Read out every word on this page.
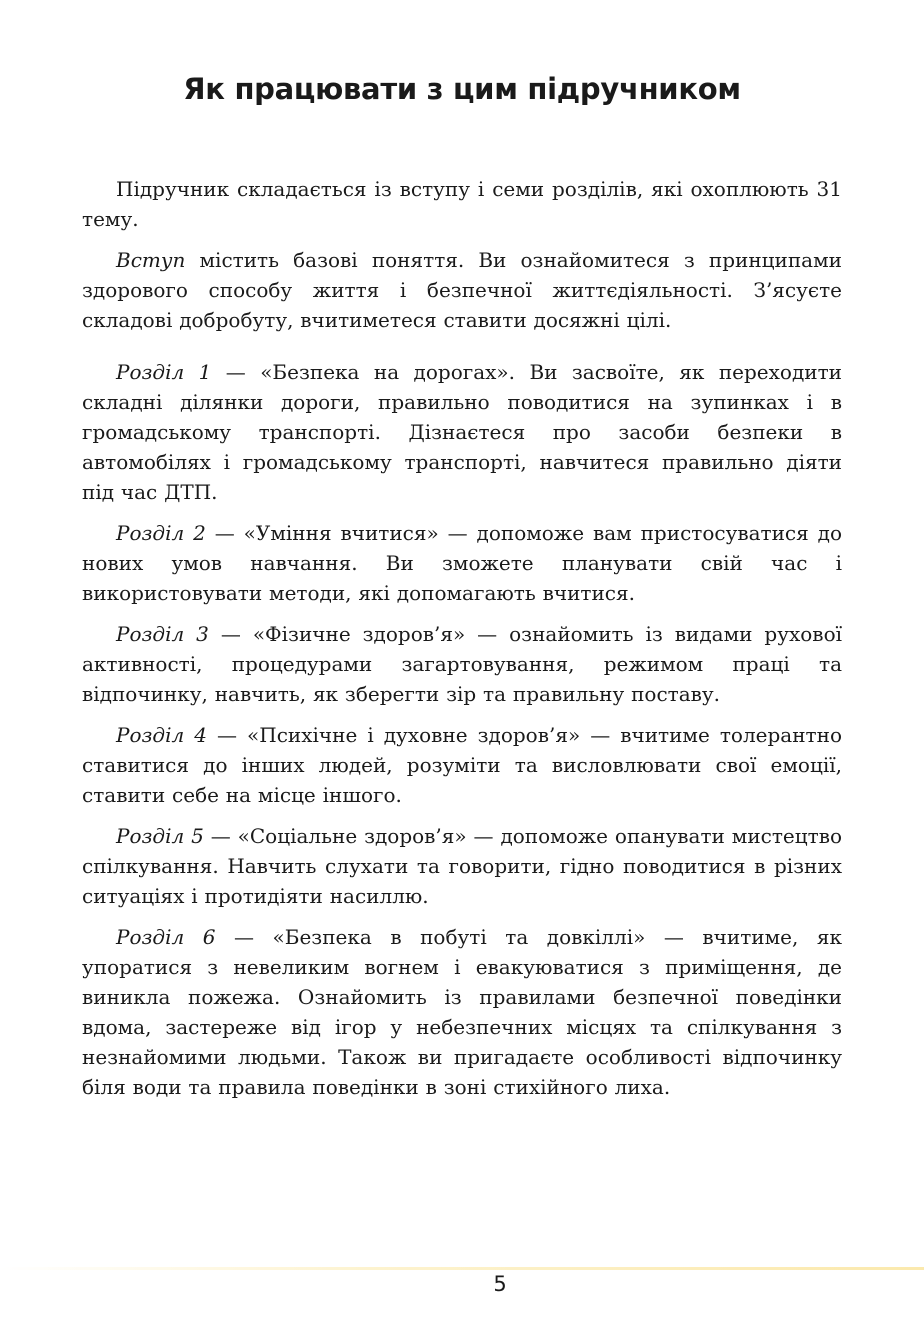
Як працювати з цим підручником

Підручник складається із вступу і семи розділів, які охоплюють 31 тему.

Вступ містить базові поняття. Ви ознайомитеся з принципами здорового способу життя і безпечної життєдіяльності. З’ясуєте складові добробуту, вчитиметеся ставити досяжні цілі.

Розділ 1 — «Безпека на дорогах». Ви засвоїте, як переходити складні ділянки дороги, правильно поводитися на зупинках і в громадському транспорті. Дізнаєтеся про засоби безпеки в автомобілях і громадському транспорті, навчитеся правильно діяти під час ДТП.

Розділ 2 — «Уміння вчитися» — допоможе вам пристосуватися до нових умов навчання. Ви зможете планувати свій час і використовувати методи, які допомагають вчитися.

Розділ 3 — «Фізичне здоров’я» — ознайомить із видами рухової активності, процедурами загартовування, режимом праці та відпочинку, навчить, як зберегти зір та правильну поставу.

Розділ 4 — «Психічне і духовне здоров’я» — вчитиме толерантно ставитися до інших людей, розуміти та висловлювати свої емоції, ставити себе на місце іншого.

Розділ 5 — «Соціальне здоров’я» — допоможе опанувати мистецтво спілкування. Навчить слухати та говорити, гідно поводитися в різних ситуаціях і протидіяти насиллю.

Розділ 6 — «Безпека в побуті та довкіллі» — вчитиме, як упоратися з невеликим вогнем і евакуюватися з приміщення, де виникла пожежа. Ознайомить із правилами безпечної поведінки вдома, застереже від ігор у небезпечних місцях та спілкування з незнайомими людьми. Також ви пригадаєте особливості відпочинку біля води та правила поведінки в зоні стихійного лиха.

5
